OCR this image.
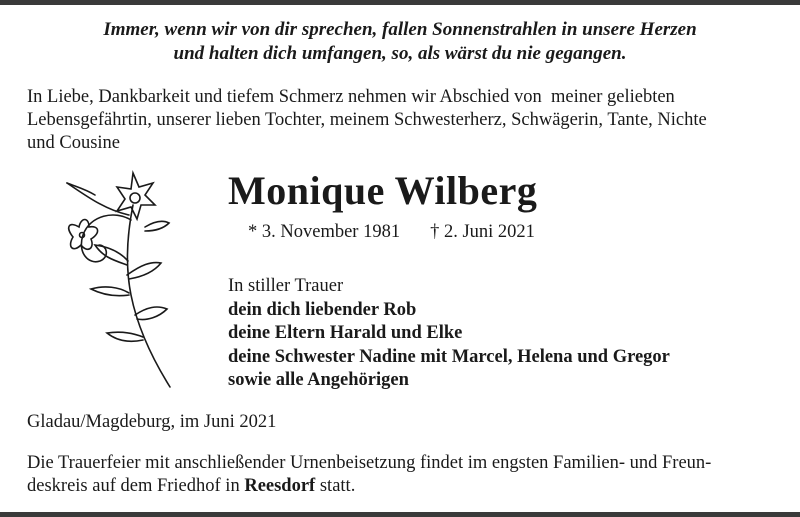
Immer, wenn wir von dir sprechen, fallen Sonnenstrahlen in unsere Herzen
und halten dich umfangen, so, als wärst du nie gegangen.
In Liebe, Dankbarkeit und tiefem Schmerz nehmen wir Abschied von  meiner geliebten
Lebensgefährtin, unserer lieben Tochter, meinem Schwesterherz, Schwägerin, Tante, Nichte
und Cousine
Monique Wilberg
* 3. November 1981 † 2. Juni 2021
In stiller Trauer
dein dich liebender Rob
deine Eltern Harald und Elke
deine Schwester Nadine mit Marcel, Helena und Gregor
sowie alle Angehörigen
Gladau/Magdeburg, im Juni 2021
Die Trauerfeier mit anschließender Urnenbeisetzung findet im engsten Familien- und Freun-
deskreis auf dem Friedhof in Reesdorf statt.
